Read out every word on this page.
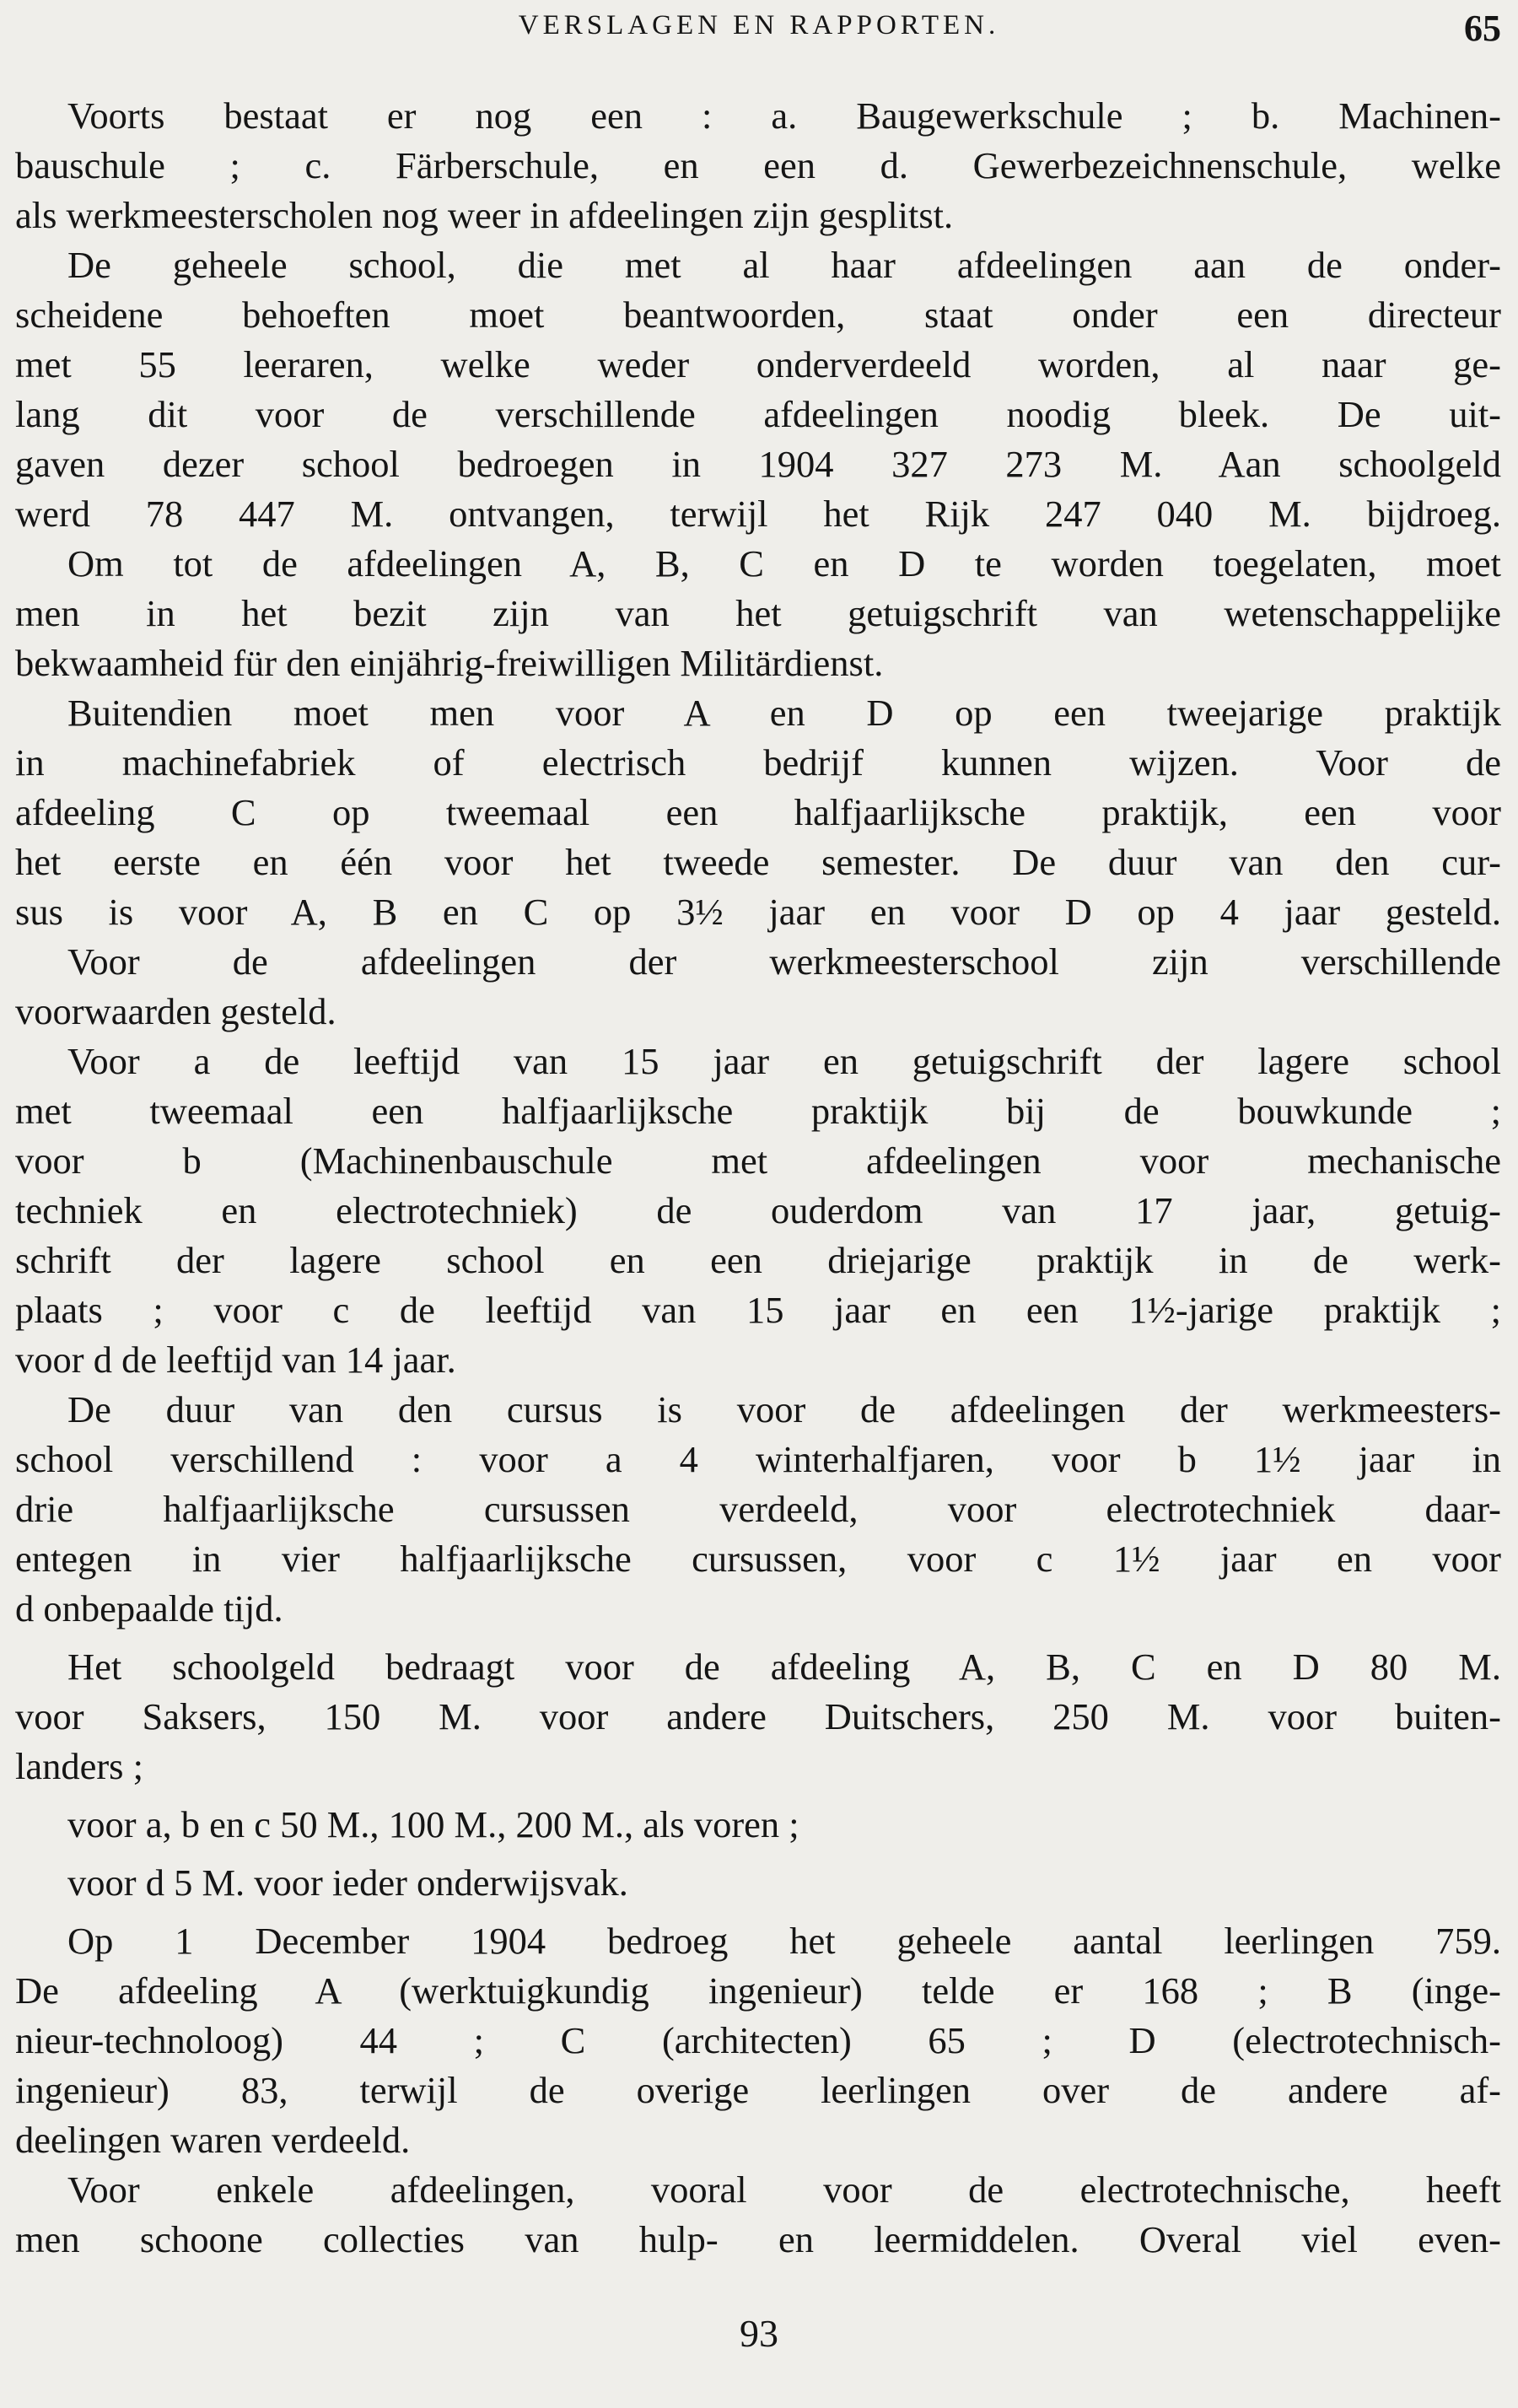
VERSLAGEN EN RAPPORTEN.	65
Voorts bestaat er nog een : a. Baugewerkschule ; b. Machinen-
bauschule ; c. Färberschule, en een d. Gewerbezeichnenschule, welke
als werkmeesterscholen nog weer in afdeelingen zijn gesplitst.
De geheele school, die met al haar afdeelingen aan de onder-
scheidene behoeften moet beantwoorden, staat onder een directeur
met 55 leeraren, welke weder onderverdeeld worden, al naar ge-
lang dit voor de verschillende afdeelingen noodig bleek. De uit-
gaven dezer school bedroegen in 1904 327 273 M. Aan schoolgeld
werd 78 447 M. ontvangen, terwijl het Rijk 247 040 M. bijdroeg.
Om tot de afdeelingen A, B, C en D te worden toegelaten, moet
men in het bezit zijn van het getuigschrift van wetenschappelijke
bekwaamheid für den einjährig-freiwilligen Militärdienst.
Buitendien moet men voor A en D op een tweejarige praktijk
in machinefabriek of electrisch bedrijf kunnen wijzen. Voor de
afdeeling C op tweemaal een halfjaarlijksche praktijk, een voor
het eerste en één voor het tweede semester. De duur van den cur-
sus is voor A, B en C op 3½ jaar en voor D op 4 jaar gesteld.
Voor de afdeelingen der werkmeesterschool zijn verschillende
voorwaarden gesteld.
Voor a de leeftijd van 15 jaar en getuigschrift der lagere school
met tweemaal een halfjaarlijksche praktijk bij de bouwkunde ;
voor b (Machinenbauschule met afdeelingen voor mechanische
techniek en electrotechniek) de ouderdom van 17 jaar, getuig-
schrift der lagere school en een driejarige praktijk in de werk-
plaats ; voor c de leeftijd van 15 jaar en een 1½-jarige praktijk ;
voor d de leeftijd van 14 jaar.
De duur van den cursus is voor de afdeelingen der werkmeesters-
school verschillend : voor a 4 winterhalfjaren, voor b 1½ jaar in
drie halfjaarlijksche cursussen verdeeld, voor electrotechniek daar-
entegen in vier halfjaarlijksche cursussen, voor c 1½ jaar en voor
d onbepaalde tijd.
Het schoolgeld bedraagt voor de afdeeling A, B, C en D 80 M.
voor Saksers, 150 M. voor andere Duitschers, 250 M. voor buiten-
landers ;
voor a, b en c 50 M., 100 M., 200 M., als voren ;
voor d 5 M. voor ieder onderwijsvak.
Op 1 December 1904 bedroeg het geheele aantal leerlingen 759.
De afdeeling A (werktuigkundig ingenieur) telde er 168 ; B (inge-
nieur-technoloog) 44 ; C (architecten) 65 ; D (electrotechnisch-
ingenieur) 83, terwijl de overige leerlingen over de andere af-
deelingen waren verdeeld.
Voor enkele afdeelingen, vooral voor de electrotechnische, heeft
men schoone collecties van hulp- en leermiddelen. Overal viel even-
93
